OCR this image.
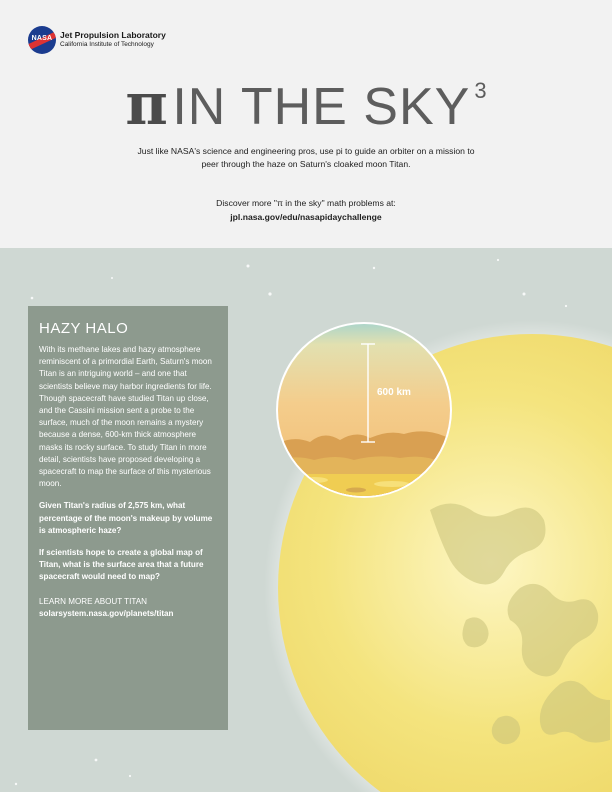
NASA Jet Propulsion Laboratory
California Institute of Technology
π IN THE SKY 3
Just like NASA's science and engineering pros, use pi to guide an orbiter on a mission to peer through the haze on Saturn's cloaked moon Titan.
Discover more "π in the sky" math problems at:
jpl.nasa.gov/edu/nasapidaychallenge
600 km
HAZY HALO
With its methane lakes and hazy atmosphere reminiscent of a primordial Earth, Saturn's moon Titan is an intriguing world – and one that scientists believe may harbor ingredients for life. Though spacecraft have studied Titan up close, and the Cassini mission sent a probe to the surface, much of the moon remains a mystery because a dense, 600-km thick atmosphere masks its rocky surface. To study Titan in more detail, scientists have proposed developing a spacecraft to map the surface of this mysterious moon.
Given Titan's radius of 2,575 km, what percentage of the moon's makeup by volume is atmospheric haze?
If scientists hope to create a global map of Titan, what is the surface area that a future spacecraft would need to map?
LEARN MORE ABOUT TITAN
solarsystem.nasa.gov/planets/titan
